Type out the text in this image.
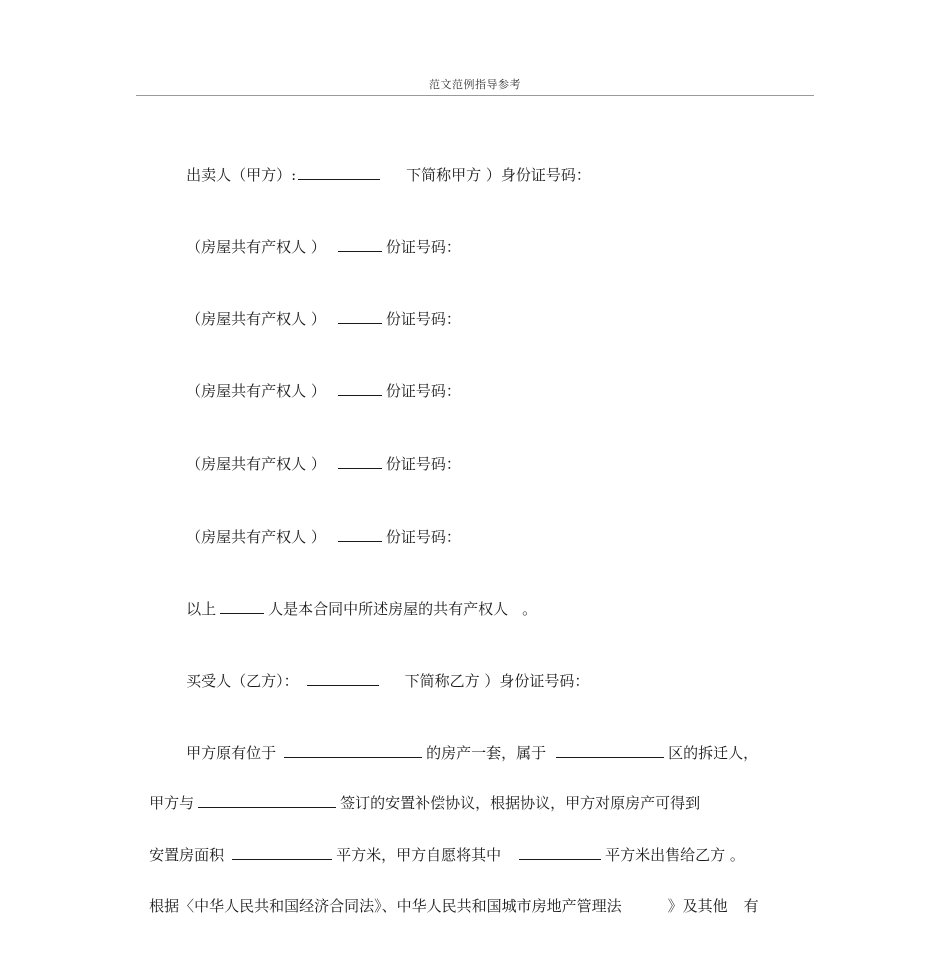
范文范例指导参考

出卖人（甲方）:	下简称甲方 ）身份证号码：

（房屋共有产权人 ）	份证号码：

（房屋共有产权人 ）	份证号码：

（房屋共有产权人 ）	份证号码：

（房屋共有产权人 ）	份证号码：

（房屋共有产权人 ）	份证号码：

以上	人是本合同中所述房屋的共有产权人 。

买受人（乙方）：	下简称乙方 ）身份证号码：

甲方原有位于	的房产一套，属于	区的拆迁人，

甲方与	签订的安置补偿协议，根据协议，甲方对原房产可得到

安置房面积	平方米，甲方自愿将其中	平方米出售给乙方 。

根据〈中华人民共和国经济合同法》、中华人民共和国城市房地产管理法	》及其他 有
